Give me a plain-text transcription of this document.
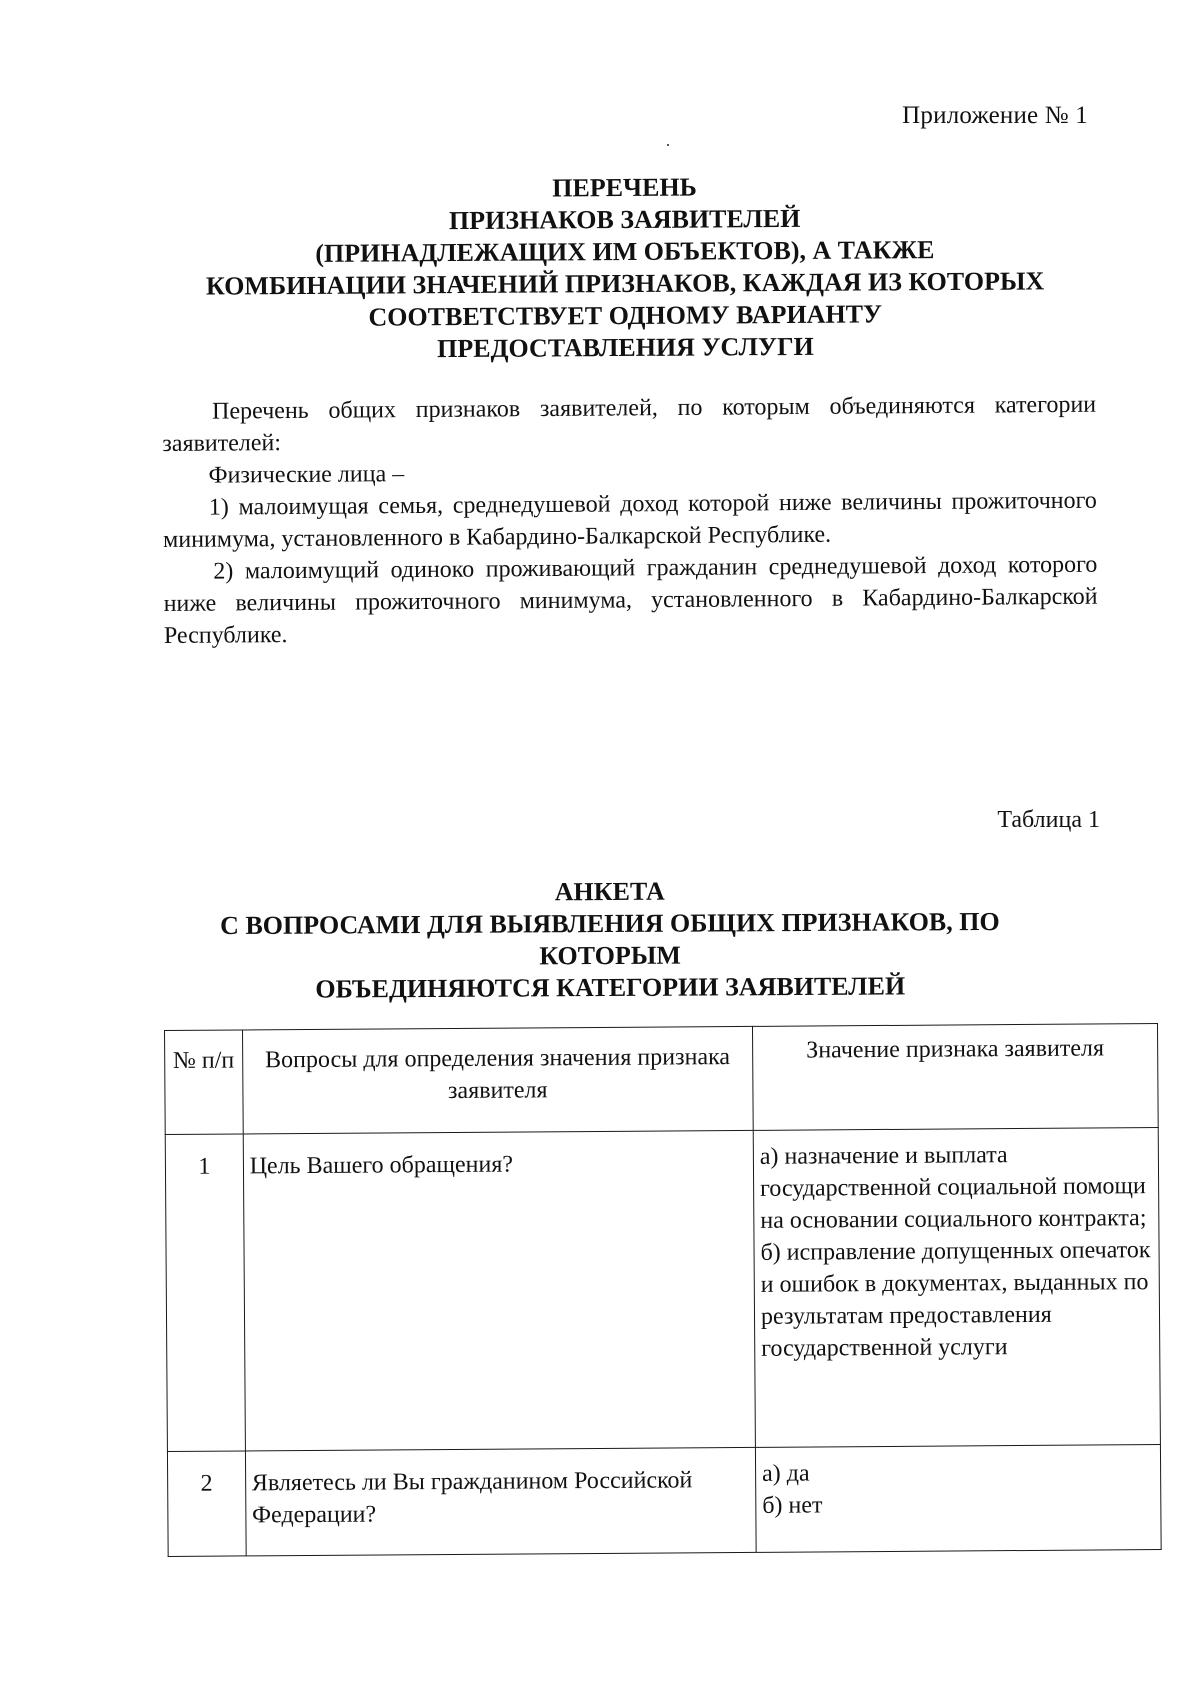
Приложение № 1
ПЕРЕЧЕНЬ
ПРИЗНАКОВ ЗАЯВИТЕЛЕЙ
(ПРИНАДЛЕЖАЩИХ ИМ ОБЪЕКТОВ), А ТАКЖЕ
КОМБИНАЦИИ ЗНАЧЕНИЙ ПРИЗНАКОВ, КАЖДАЯ ИЗ КОТОРЫХ
СООТВЕТСТВУЕТ ОДНОМУ ВАРИАНТУ
ПРЕДОСТАВЛЕНИЯ УСЛУГИ

Перечень общих признаков заявителей, по которым объединяются категории заявителей:

Физические лица –

1) малоимущая семья, среднедушевой доход которой ниже величины прожиточного минимума, установленного в Кабардино-Балкарской Республике.

2) малоимущий одиноко проживающий гражданин среднедушевой доход которого ниже величины прожиточного минимума, установленного в Кабардино-Балкарской Республике.

Таблица 1
АНКЕТА
С ВОПРОСАМИ ДЛЯ ВЫЯВЛЕНИЯ ОБЩИХ ПРИЗНАКОВ, ПО
КОТОРЫМ
ОБЪЕДИНЯЮТСЯ КАТЕГОРИИ ЗАЯВИТЕЛЕЙ
№ п/п	Вопросы для определения значения признака заявителя	Значение признака заявителя
1	Цель Вашего обращения?	а) назначение и выплата государственной социальной помощи на основании социального контракта;
б) исправление допущенных опечаток и ошибок в документах, выданных по результатам предоставления государственной услуги

2	Являетесь ли Вы гражданином Российской Федерации?	а) да
б) нет
